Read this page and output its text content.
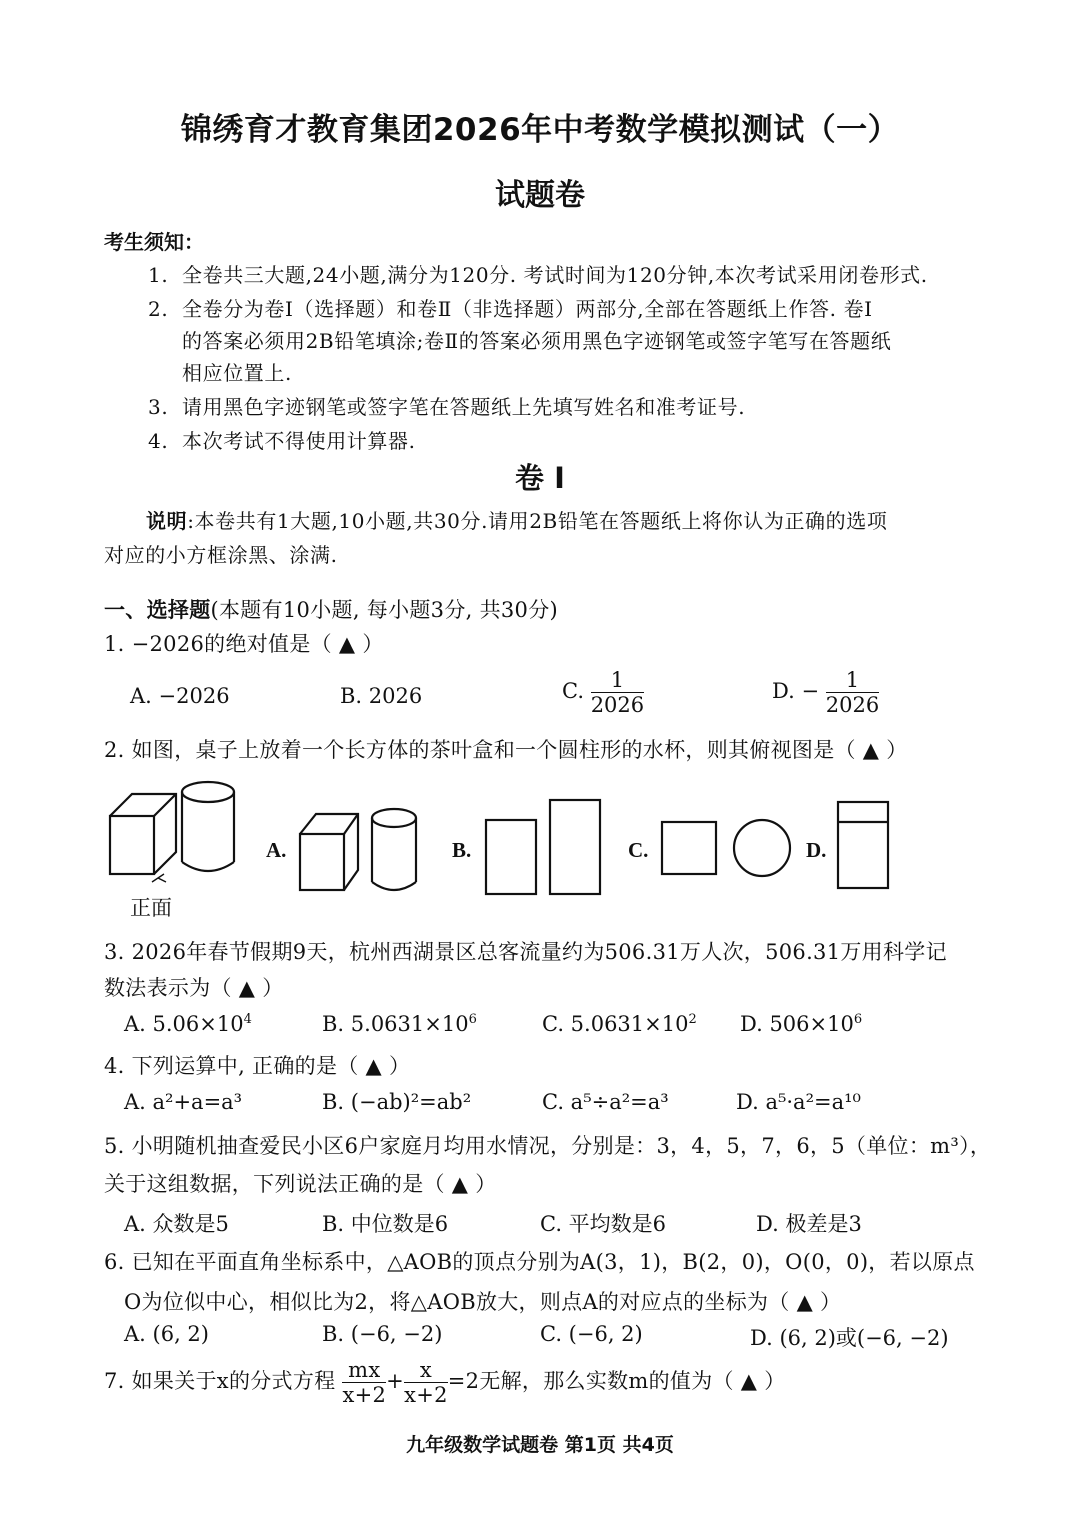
锦绣育才教育集团2026年中考数学模拟测试（一）
试题卷
考生须知：
1. 全卷共三大题,24小题,满分为120分. 考试时间为120分钟,本次考试采用闭卷形式.
2. 全卷分为卷Ⅰ（选择题）和卷Ⅱ（非选择题）两部分,全部在答题纸上作答. 卷Ⅰ
的答案必须用2B铅笔填涂;卷Ⅱ的答案必须用黑色字迹钢笔或签字笔写在答题纸
相应位置上.
3. 请用黑色字迹钢笔或签字笔在答题纸上先填写姓名和准考证号.
4. 本次考试不得使用计算器.
卷 Ⅰ
说明:本卷共有1大题,10小题,共30分.请用2B铅笔在答题纸上将你认为正确的选项
对应的小方框涂黑、涂满.
一、选择题(本题有10小题, 每小题3分, 共30分)
1. −2026的绝对值是（ ▲ ）
A. −2026	B. 2026	C. $\frac{1}{2026}$	D. − $\frac{1}{2026}$
2. 如图，桌子上放着一个长方体的茶叶盒和一个圆柱形的水杯，则其俯视图是（ ▲ ）
正面
A.	B.	C.	D.
3. 2026年春节假期9天，杭州西湖景区总客流量约为506.31万人次，506.31万用科学记
数法表示为（ ▲ ）
A. $5.06\times 10^4$	B. $5.0631\times 10^6$	C. $5.0631\times 10^2$ D. $506\times 10^6$
4. 下列运算中, 正确的是（ ▲ ）
A. a²+a=a³	B. (−ab)²=ab²	C. a⁵÷a²=a³	D. a⁵·a²=a¹⁰
5. 小明随机抽查爱民小区6户家庭月均用水情况，分别是：3，4，5，7，6，5（单位：m³），
关于这组数据，下列说法正确的是（ ▲ ）
A. 众数是5	B. 中位数是6	C. 平均数是6	D. 极差是3
6. 已知在平面直角坐标系中，△AOB的顶点分别为A(3，1)，B(2，0)，O(0，0)，若以原点
O为位似中心，相似比为2，将△AOB放大，则点A的对应点的坐标为（ ▲ ）
A. (6, 2)	B. (−6, −2)	C. (−6, 2)	D. (6, 2)或(−6, −2)
7. 如果关于x的分式方程 $\frac{mx}{x+2} + \frac{x}{x+2} =2$无解，那么实数m的值为（ ▲ ）
九年级数学试题卷 第1页 共4页
